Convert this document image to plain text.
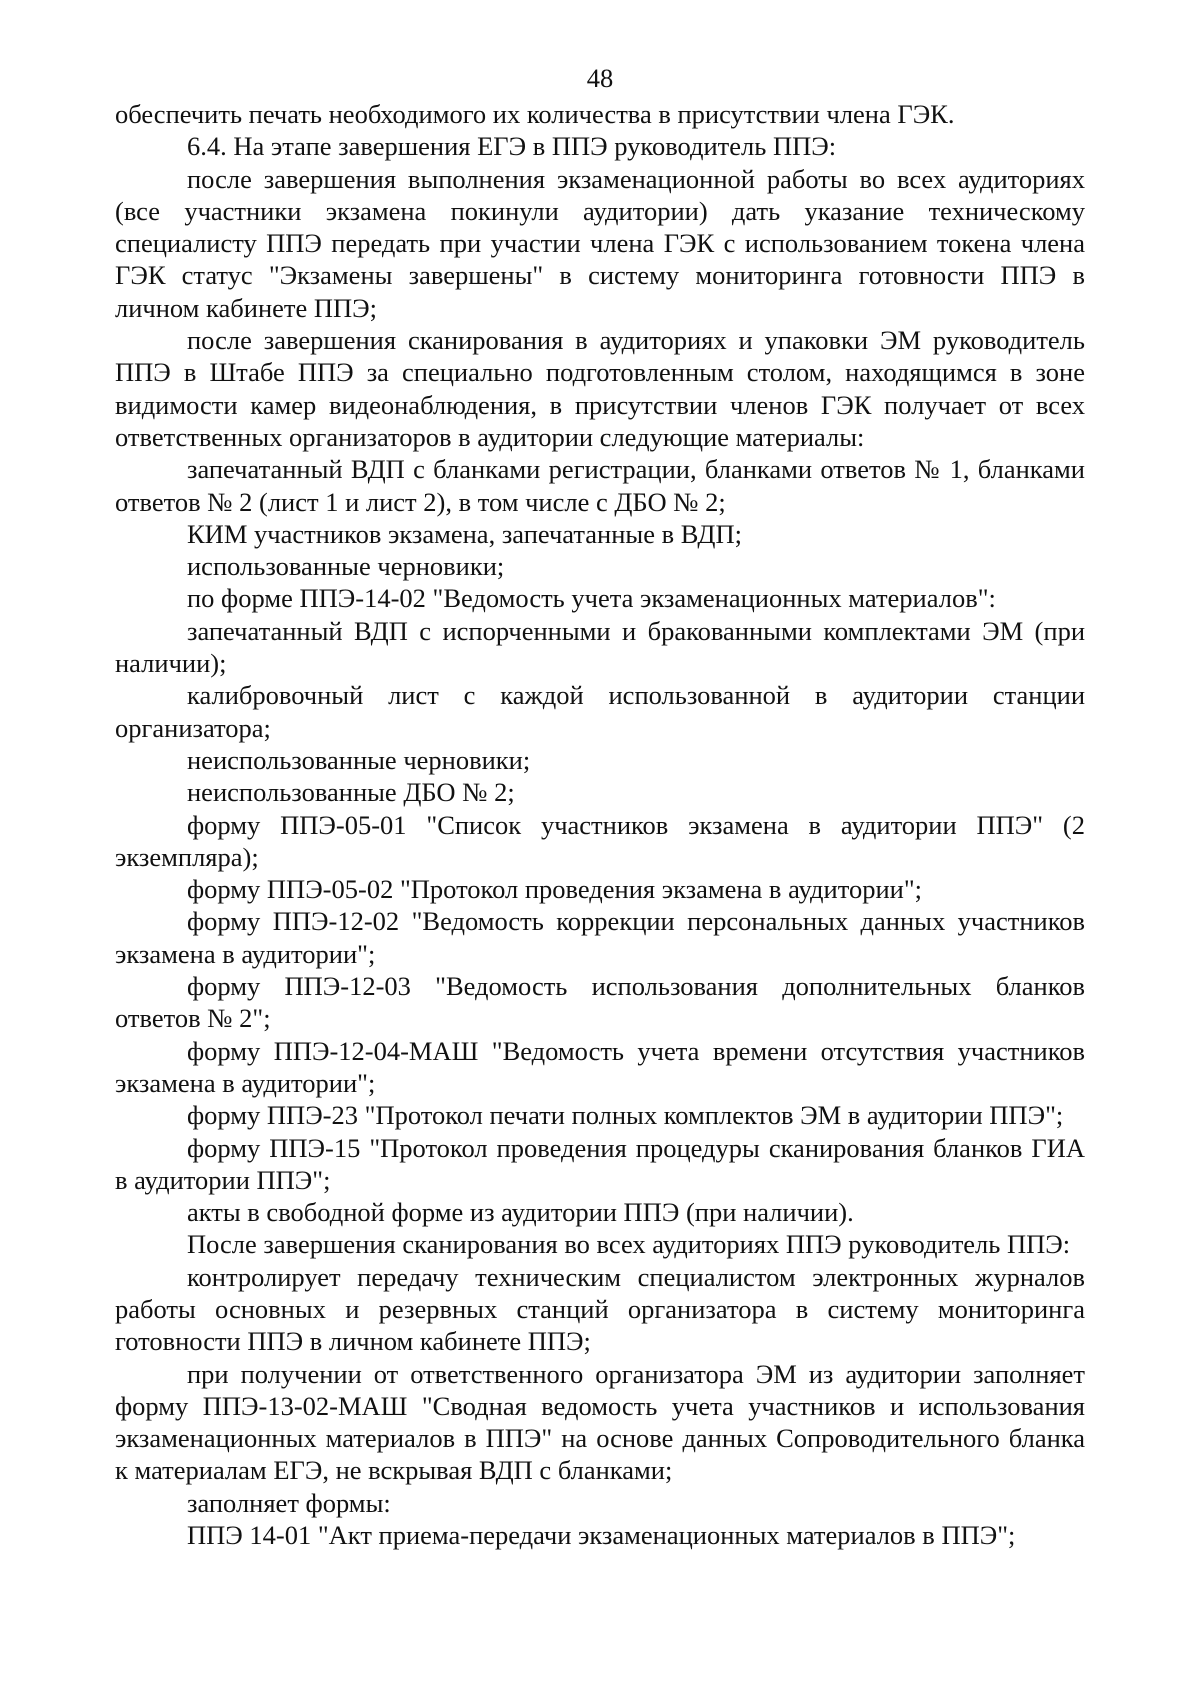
48

обеспечить печать необходимого их количества в присутствии члена ГЭК.

6.4. На этапе завершения ЕГЭ в ППЭ руководитель ППЭ:

после завершения выполнения экзаменационной работы во всех аудиториях (все участники экзамена покинули аудитории) дать указание техническому специалисту ППЭ передать при участии члена ГЭК с использованием токена члена ГЭК статус "Экзамены завершены" в систему мониторинга готовности ППЭ в личном кабинете ППЭ;

после завершения сканирования в аудиториях и упаковки ЭМ руководитель ППЭ в Штабе ППЭ за специально подготовленным столом, находящимся в зоне видимости камер видеонаблюдения, в присутствии членов ГЭК получает от всех ответственных организаторов в аудитории следующие материалы:

запечатанный ВДП с бланками регистрации, бланками ответов № 1, бланками ответов № 2 (лист 1 и лист 2), в том числе с ДБО № 2;

КИМ участников экзамена, запечатанные в ВДП;

использованные черновики;

по форме ППЭ-14-02 "Ведомость учета экзаменационных материалов":

запечатанный ВДП с испорченными и бракованными комплектами ЭМ (при наличии);

калибровочный лист с каждой использованной в аудитории станции организатора;

неиспользованные черновики;

неиспользованные ДБО № 2;

форму ППЭ-05-01 "Список участников экзамена в аудитории ППЭ" (2 экземпляра);

форму ППЭ-05-02 "Протокол проведения экзамена в аудитории";

форму ППЭ-12-02 "Ведомость коррекции персональных данных участников экзамена в аудитории";

форму ППЭ-12-03 "Ведомость использования дополнительных бланков ответов № 2";

форму ППЭ-12-04-МАШ "Ведомость учета времени отсутствия участников экзамена в аудитории";

форму ППЭ-23 "Протокол печати полных комплектов ЭМ в аудитории ППЭ";

форму ППЭ-15 "Протокол проведения процедуры сканирования бланков ГИА в аудитории ППЭ";

акты в свободной форме из аудитории ППЭ (при наличии).

После завершения сканирования во всех аудиториях ППЭ руководитель ППЭ:

контролирует передачу техническим специалистом электронных журналов работы основных и резервных станций организатора в систему мониторинга готовности ППЭ в личном кабинете ППЭ;

при получении от ответственного организатора ЭМ из аудитории заполняет форму ППЭ-13-02-МАШ "Сводная ведомость учета участников и использования экзаменационных материалов в ППЭ" на основе данных Сопроводительного бланка к материалам ЕГЭ, не вскрывая ВДП с бланками;

заполняет формы:

ППЭ 14-01 "Акт приема-передачи экзаменационных материалов в ППЭ";
